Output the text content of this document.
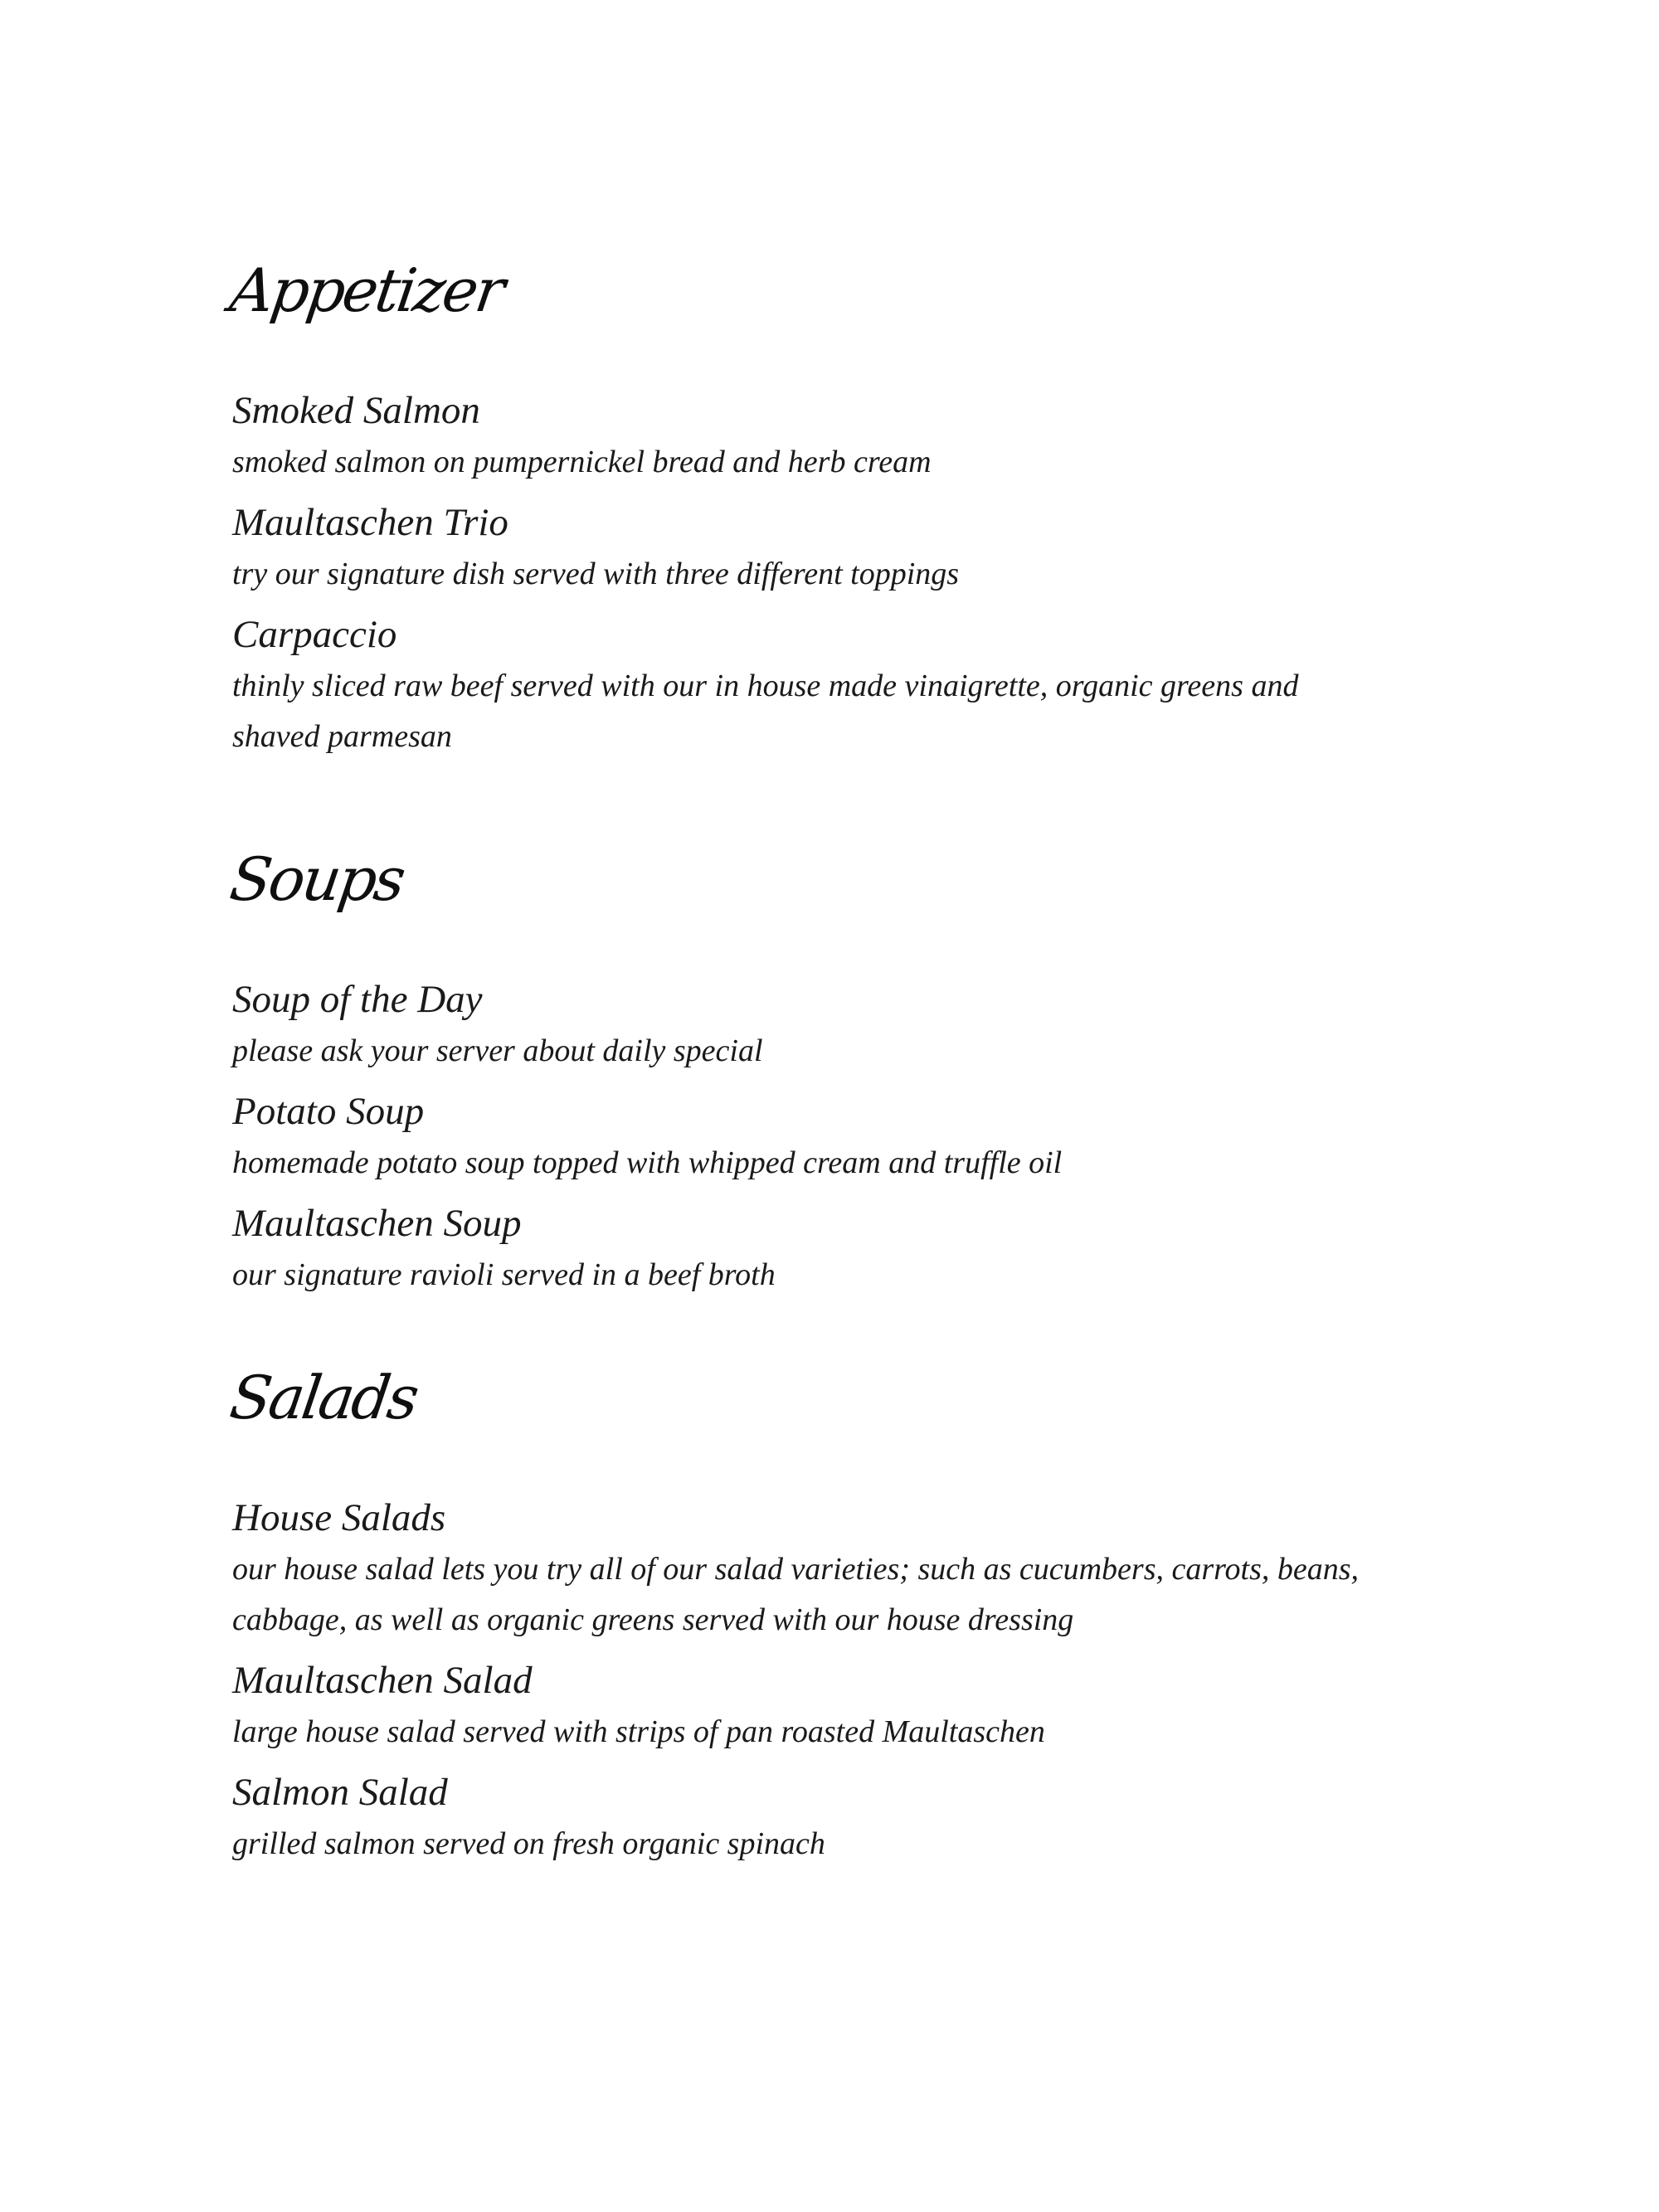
Appetizer

Smoked Salmon

smoked salmon on pumpernickel bread and herb cream

Maultaschen Trio

try our signature dish served with three different toppings

Carpaccio

thinly sliced raw beef served with our in house made vinaigrette, organic greens and shaved parmesan

Soups

Soup of the Day

please ask your server about daily special

Potato Soup

homemade potato soup topped with whipped cream and truffle oil

Maultaschen Soup

our signature ravioli served in a beef broth

Salads

House Salads

our house salad lets you try all of our salad varieties; such as cucumbers, carrots, beans, cabbage, as well as organic greens served with our house dressing

Maultaschen Salad

large house salad served with strips of pan roasted Maultaschen

Salmon Salad

grilled salmon served on fresh organic spinach
